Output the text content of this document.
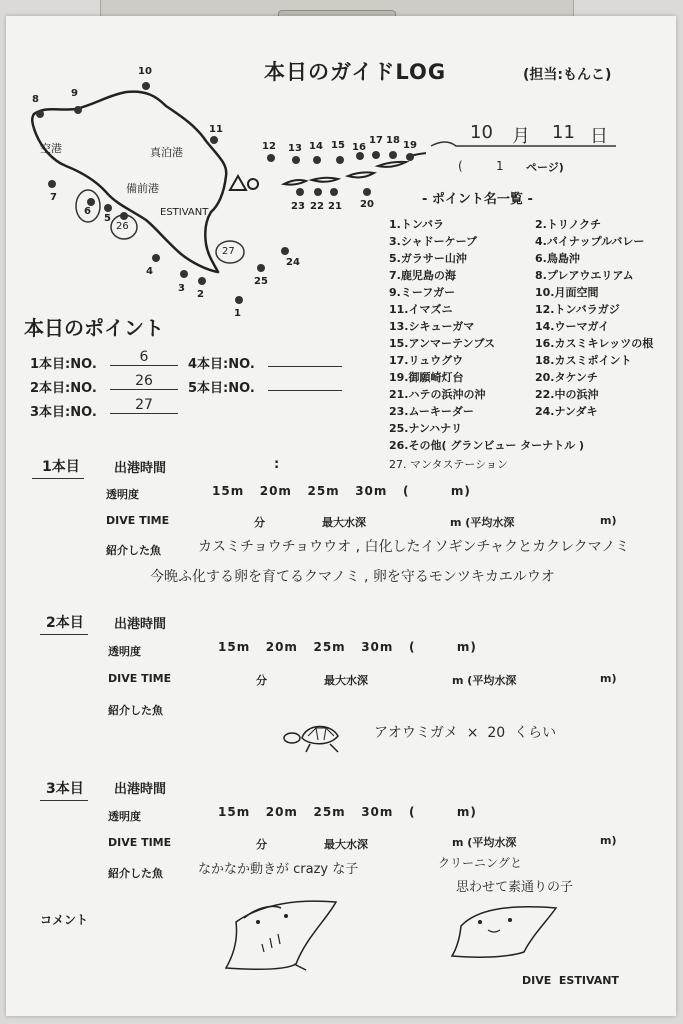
本日のガイドLOG	(担当:もんこ)
10 月 11 日
(	1 ページ)
空港	真泊港
備前港
ESTIVANT
10
9
8
11
12 13 14 15 16
17 18 19
7
6
5
26
27
4
3
2
1
25
24
23 22 21 20	- ポイント名一覧 -
1.トンバラ	2.トリノクチ
3.シャドーケーブ	4.パイナップルバレー
5.ガラサー山沖	6.鳥島沖
7.鹿児島の海	8.プレアウエリアム
9.ミーフガー	10.月面空間
11.イマズニ	12.トンバラガジ
13.シキューガマ	14.ウーマガイ
15.アンマーテンブス	16.カスミキレッツの根
17.リュウグウ	18.カスミポイント
19.御願崎灯台	20.タケンチ
21.ハテの浜沖の沖	22.中の浜沖
23.ムーキーダー	24.ナンダキ
25.ナンハナリ
26.その他( グランビュー ターナトル )
27. マンタステーション
本日のポイント
1本目:NO.	6
2本目:NO.	26
3本目:NO.	27
4本目:NO.
5本目:NO.
1本目	出港時間	:
透明度	15m   20m   25m   30m   (        m)
DIVE TIME	分	最大水深	m (平均水深	m)
紹介した魚	カスミチョウチョウウオ , 白化したイソギンチャクとカクレクマノミ
今晩ふ化する卵を育てるクマノミ , 卵を守るモンツキカエルウオ
2本目	出港時間
透明度	15m   20m   25m   30m   (        m)
DIVE TIME	分	最大水深	m (平均水深	m)
紹介した魚
アオウミガメ  ×  20  くらい
3本目	出港時間
透明度	15m   20m   25m   30m   (        m)
DIVE TIME	分	最大水深	m (平均水深	m)
紹介した魚	なかなか動きが crazy な子	クリーニングと
思わせて素通りの子
コメント
DIVE  ESTIVANT
